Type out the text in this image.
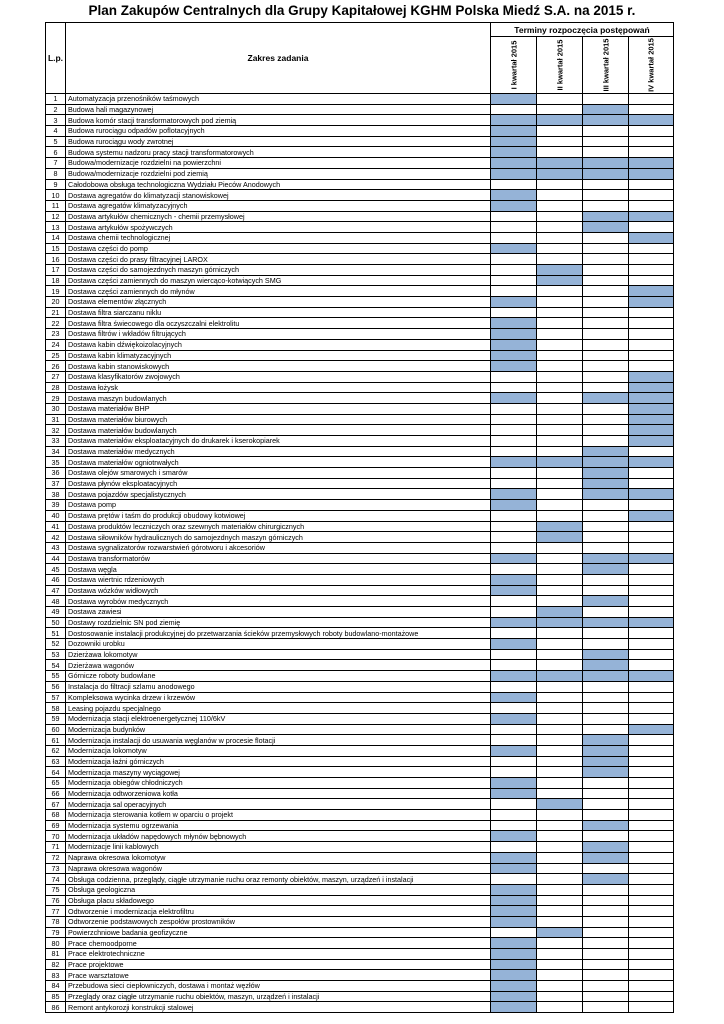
Plan Zakupów Centralnych dla Grupy Kapitałowej KGHM Polska Miedź S.A. na 2015 r.
L.p.	Zakres zadania	Terminy rozpoczęcia postępowań			

		I kwartał 2015	II kwartał 2015	III kwartał 2015	IV kwartał 2015

1	Automatyzacja przenośników taśmowych				
2	Budowa hali magazynowej				
3	Budowa komór stacji transformatorowych pod ziemią				
4	Budowa rurociągu odpadów poflotacyjnych				
5	Budowa rurociągu wody zwrotnej				
6	Budowa systemu nadzoru pracy stacji transformatorowych				
7	Budowa/modernizacje rozdzielni na powierzchni				
8	Budowa/modernizacje rozdzielni pod ziemią				
9	Całodobowa obsługa technologiczna Wydziału Pieców Anodowych				
10	Dostawa agregatów do klimatyzacji stanowiskowej				
11	Dostawa agregatów klimatyzacyjnych				
12	Dostawa artykułów chemicznych - chemii przemysłowej				
13	Dostawa artykułów spożywczych				
14	Dostawa chemii technologicznej				
15	Dostawa części do pomp				
16	Dostawa części do prasy filtracyjnej LAROX				
17	Dostawa części do samojezdnych maszyn górniczych				
18	Dostawa części zamiennych do maszyn wiercąco-kotwiących SMG				
19	Dostawa części zamiennych do młynów				
20	Dostawa elementów złącznych				
21	Dostawa filtra siarczanu niklu				
22	Dostawa filtra świecowego dla oczyszczalni elektrolitu				
23	Dostawa filtrów i wkładów filtrujących				
24	Dostawa kabin dźwiękoizolacyjnych				
25	Dostawa kabin klimatyzacyjnych				
26	Dostawa kabin stanowiskowych				
27	Dostawa klasyfikatorów zwojowych				
28	Dostawa łożysk				
29	Dostawa maszyn budowlanych				
30	Dostawa materiałów BHP				
31	Dostawa materiałów biurowych				
32	Dostawa materiałów budowlanych				
33	Dostawa materiałów eksploatacyjnych do drukarek i kserokopiarek				
34	Dostawa materiałów medycznych				
35	Dostawa materiałów ogniotrwałych				
36	Dostawa olejów smarowych i smarów				
37	Dostawa płynów eksploatacyjnych				
38	Dostawa pojazdów specjalistycznych				
39	Dostawa pomp				
40	Dostawa prętów i taśm do produkcji obudowy kotwiowej				
41	Dostawa produktów leczniczych oraz szewnych materiałów chirurgicznych				
42	Dostawa siłowników hydraulicznych do samojezdnych maszyn górniczych				
43	Dostawa sygnalizatorów rozwarstwień górotworu i akcesoriów				
44	Dostawa transformatorów				
45	Dostawa węgla				
46	Dostawa wiertnic rdzeniowych				
47	Dostawa wózków widłowych				
48	Dostawa wyrobów medycznych				
49	Dostawa zawiesi				
50	Dostawy rozdzielnic SN pod ziemię				
51	Dostosowanie instalacji produkcyjnej do przetwarzania ścieków przemysłowych roboty budowlano-montażowe				
52	Dozowniki urobku				
53	Dzierżawa lokomotyw				
54	Dzierżawa wagonów				
55	Górnicze roboty budowlane				
56	Instalacja do filtracji szlamu anodowego				
57	Kompleksowa wycinka drzew i krzewów				
58	Leasing pojazdu specjalnego				
59	Modernizacja stacji elektroenergetycznej 110/6kV				
60	Modernizacja budynków				
61	Modernizacja instalacji do usuwania węglanów w procesie flotacji				
62	Modernizacja lokomotyw				
63	Modernizacja łaźni górniczych				
64	Modernizacja maszyny wyciągowej				
65	Modernizacja obiegów chłodniczych				
66	Modernizacja odtworzeniowa kotła				
67	Modernizacja sal operacyjnych				
68	Modernizacja sterowania kotłem w oparciu o projekt				
69	Modernizacja systemu ogrzewania				
70	Modernizacja układów napędowych młynów bębnowych				
71	Modernizacje linii kablowych				
72	Naprawa okresowa lokomotyw				
73	Naprawa okresowa wagonów				
74	Obsługa codzienna, przeglądy, ciągłe utrzymanie ruchu oraz remonty obiektów, maszyn, urządzeń i instalacji				
75	Obsługa geologiczna				
76	Obsługa placu składowego				
77	Odtworzenie i modernizacja elektrofiltru				
78	Odtworzenie podstawowych zespołów prostowników				
79	Powierzchniowe badania geofizyczne				
80	Prace chemoodporne				
81	Prace elektrotechniczne				
82	Prace projektowe				
83	Prace warsztatowe				
84	Przebudowa sieci ciepłowniczych, dostawa i montaż węzłów				
85	Przeglądy oraz ciągłe utrzymanie ruchu obiektów, maszyn, urządzeń i instalacji				
86	Remont antykorozji konstrukcji stalowej				
